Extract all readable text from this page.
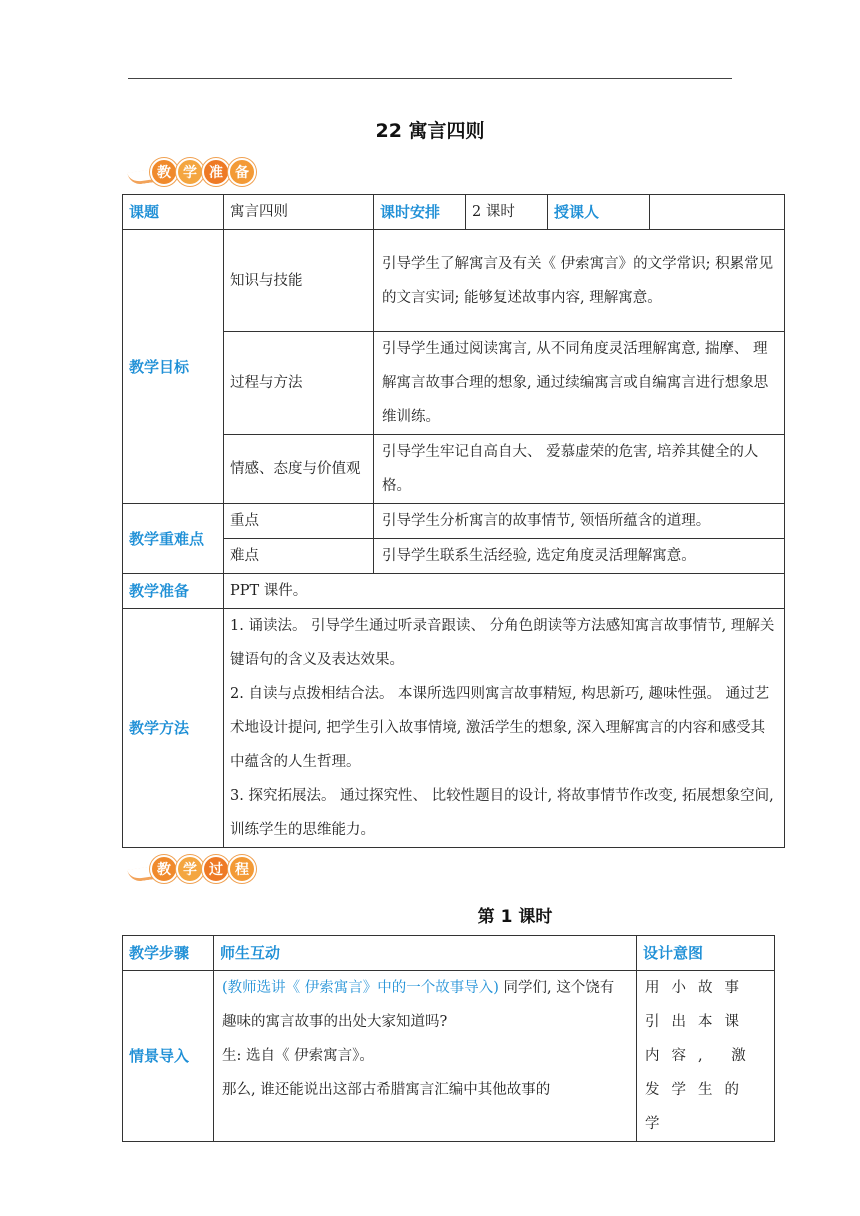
22 寓言四则
教 学 准 备
课题	寓言四则	课时安排	2 课时	授课人	
教学目标	知识与技能	引导学生了解寓言及有关《 伊索寓言》的文学常识; 积累常见的文言实词; 能够复述故事内容, 理解寓意。			
	过程与方法	引导学生通过阅读寓言, 从不同角度灵活理解寓意, 揣摩、 理解寓言故事合理的想象, 通过续编寓言或自编寓言进行想象思维训练。			
	情感、态度与价值观	引导学生牢记自高自大、 爱慕虚荣的危害, 培养其健全的人格。			
教学重难点	重点	引导学生分析寓言的故事情节, 领悟所蕴含的道理。			
	难点	引导学生联系生活经验, 选定角度灵活理解寓意。			
教学准备	PPT 课件。				
教学方法	1. 诵读法。 引导学生通过听录音跟读、 分角色朗读等方法感知寓言故事情节, 理解关键语句的含义及表达效果。
2. 自读与点拨相结合法。 本课所选四则寓言故事精短, 构思新巧, 趣味性强。 通过艺术地设计提问, 把学生引入故事情境, 激活学生的想象, 深入理解寓言的内容和感受其中蕴含的人生哲理。
3. 探究拓展法。 通过探究性、 比较性题目的设计, 将故事情节作改变, 拓展想象空间, 训练学生的思维能力。				
教 学 过 程
第 1 课时
教学步骤	师生互动	设计意图
情景导入	(教师选讲《 伊索寓言》中的一个故事导入) 同学们, 这个饶有趣味的寓言故事的出处大家知道吗?
生: 选自《 伊索寓言》。
那么, 谁还能说出这部古希腊寓言汇编中其他故事的	用小故事引出本课内容, 激发学生的学
